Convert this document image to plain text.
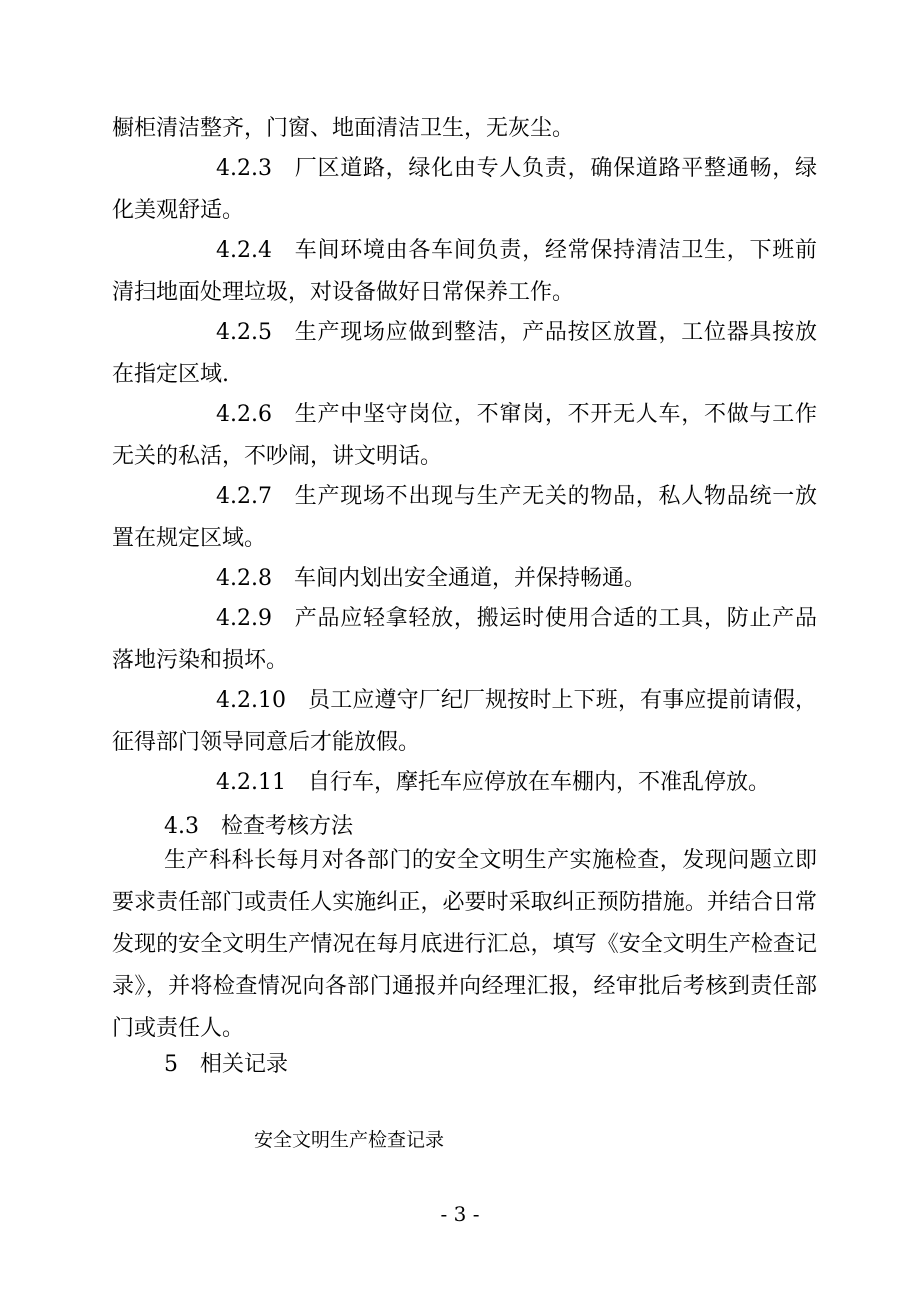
橱柜清洁整齐，门窗、地面清洁卫生，无灰尘。
4.2.3 厂区道路，绿化由专人负责，确保道路平整通畅，绿化美观舒适。
4.2.4 车间环境由各车间负责，经常保持清洁卫生，下班前清扫地面处理垃圾，对设备做好日常保养工作。
4.2.5 生产现场应做到整洁，产品按区放置，工位器具按放在指定区域.
4.2.6 生产中坚守岗位，不窜岗，不开无人车，不做与工作无关的私活，不吵闹，讲文明话。
4.2.7 生产现场不出现与生产无关的物品，私人物品统一放置在规定区域。
4.2.8 车间内划出安全通道，并保持畅通。
4.2.9 产品应轻拿轻放，搬运时使用合适的工具，防止产品落地污染和损坏。
4.2.10 员工应遵守厂纪厂规按时上下班，有事应提前请假，征得部门领导同意后才能放假。
4.2.11 自行车，摩托车应停放在车棚内，不准乱停放。
4.3 检查考核方法
生产科科长每月对各部门的安全文明生产实施检查，发现问题立即要求责任部门或责任人实施纠正，必要时采取纠正预防措施。并结合日常发现的安全文明生产情况在每月底进行汇总，填写《安全文明生产检查记录》，并将检查情况向各部门通报并向经理汇报，经审批后考核到责任部门或责任人。
5 相关记录
安全文明生产检查记录
- 3 -
